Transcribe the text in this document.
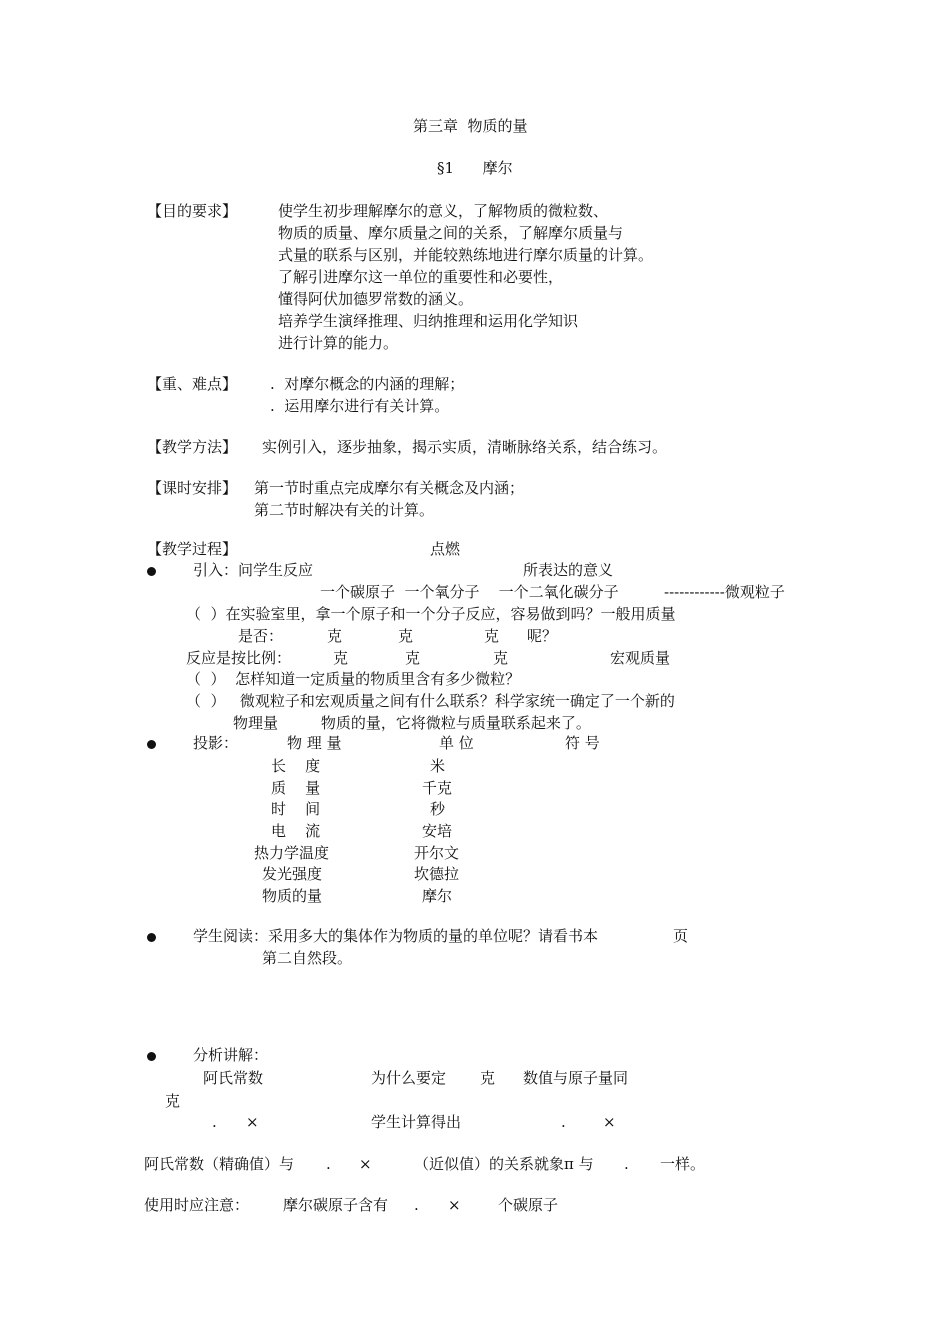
第三章  物质的量
§1      摩尔
【目的要求】	使学生初步理解摩尔的意义，了解物质的微粒数、
物质的质量、摩尔质量之间的关系，了解摩尔质量与
式量的联系与区别，并能较熟练地进行摩尔质量的计算。
了解引进摩尔这一单位的重要性和必要性，
懂得阿伏加德罗常数的涵义。
培养学生演绎推理、归纳推理和运用化学知识
进行计算的能力。
【重、难点】 .  对摩尔概念的内涵的理解；
.  运用摩尔进行有关计算。
【教学方法】 实例引入，逐步抽象，揭示实质，清晰脉络关系，结合练习。
【课时安排】 第一节时重点完成摩尔有关概念及内涵；
第二节时解决有关的计算。
【教学过程】	点燃
引入：问学生反应	所表达的意义
一个碳原子  一个氧分子    一个二氧化碳分子	------------微观粒子
（  ）在实验室里，拿一个原子和一个分子反应，容易做到吗？一般用质量
是否：	克	克	克 呢？
反应是按比例：	克	克	克	宏观质量
（  ）  怎样知道一定质量的物质里含有多少微粒？
（  ）   微观粒子和宏观质量之间有什么联系？科学家统一确定了一个新的
物理量         物质的量，它将微粒与质量联系起来了。
投影：	物 理 量	单 位	符 号
长    度	米
质    量	千克
时    间	秒
电    流	安培
热力学温度	开尔文
发光强度	坎德拉
物质的量	摩尔
学生阅读：采用多大的集体作为物质的量的单位呢？请看书本	页
第二自然段。
分析讲解：
阿氏常数	为什么要定 克 数值与原子量同
克
. ×	学生计算得出	. ×
阿氏常数（精确值）与 . ×	（近似值）的关系就象π 与 . 一样。
使用时应注意： 摩尔碳原子含有 . × 个碳原子
